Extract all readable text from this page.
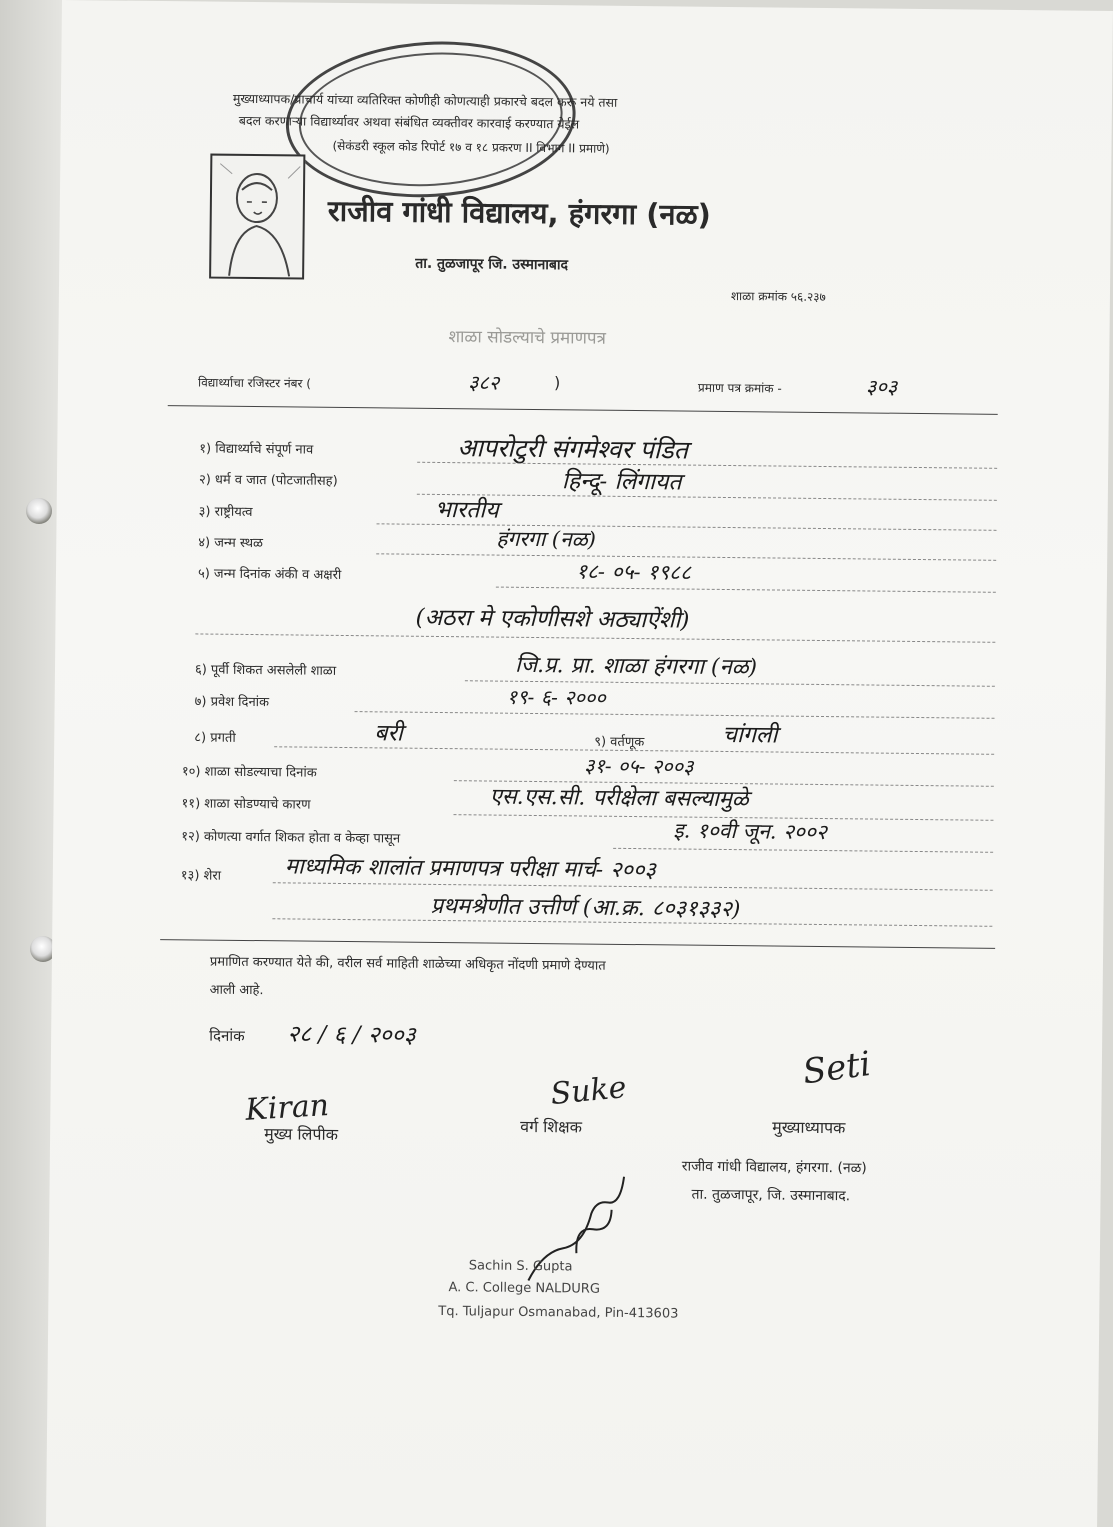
मुख्याध्यापक/प्राचार्य यांच्या व्यतिरिक्त कोणीही कोणत्याही प्रकारचे बदल करू नये तसा
बदल करणाऱ्या विद्यार्थ्यावर अथवा संबंधित व्यक्तीवर कारवाई करण्यात येईल
(सेकंडरी स्कूल कोड रिपोर्ट १७ व १८ प्रकरण II विभाग II प्रमाणे)
राजीव गांधी विद्यालय, हंगरगा (नळ)
ता. तुळजापूर जि. उस्मानाबाद
शाळा क्रमांक ५६.२३७
शाळा सोडल्याचे प्रमाणपत्र
विद्यार्थ्याचा रजिस्टर नंबर (	३८२	)	प्रमाण पत्र क्रमांक -	३०३
१) विद्यार्थ्याचे संपूर्ण नाव	आपरोटुरी संगमेश्वर पंडित
२) धर्म व जात (पोटजातीसह)	हिन्दू- लिंगायत
३) राष्ट्रीयत्व	भारतीय
४) जन्म स्थळ	हंगरगा (नळ)
५) जन्म दिनांक अंकी व अक्षरी	१८- ०५- १९८८
(अठरा मे एकोणीसशे अठ्याऐंशी)
६) पूर्वी शिकत असलेली शाळा	जि.प्र. प्रा. शाळा हंगरगा (नळ)
७) प्रवेश दिनांक	१९- ६- २०००
८) प्रगती	बरी	९) वर्तणूक	चांगली
१०) शाळा सोडल्याचा दिनांक	३१- ०५- २००३
११) शाळा सोडण्याचे कारण	एस.एस.सी. परीक्षेला बसल्यामुळे
१२) कोणत्या वर्गात शिकत होता व केव्हा पासून	इ. १०वी जून. २००२
१३) शेरा	माध्यमिक शालांत प्रमाणपत्र परीक्षा मार्च- २००३
प्रथमश्रेणीत उत्तीर्ण (आ.क्र. ८०३१३३२)
प्रमाणित करण्यात येते की, वरील सर्व माहिती शाळेच्या अधिकृत नोंदणी प्रमाणे देण्यात
आली आहे.
दिनांक २८ / ६ / २००३
Kiran
मुख्य लिपीक
Suke
वर्ग शिक्षक
Seti
मुख्याध्यापक
राजीव गांधी विद्यालय, हंगरगा. (नळ)
ता. तुळजापूर, जि. उस्मानाबाद.
Sachin S. Gupta
A. C. College NALDURG
Tq. Tuljapur Osmanabad, Pin-413603
